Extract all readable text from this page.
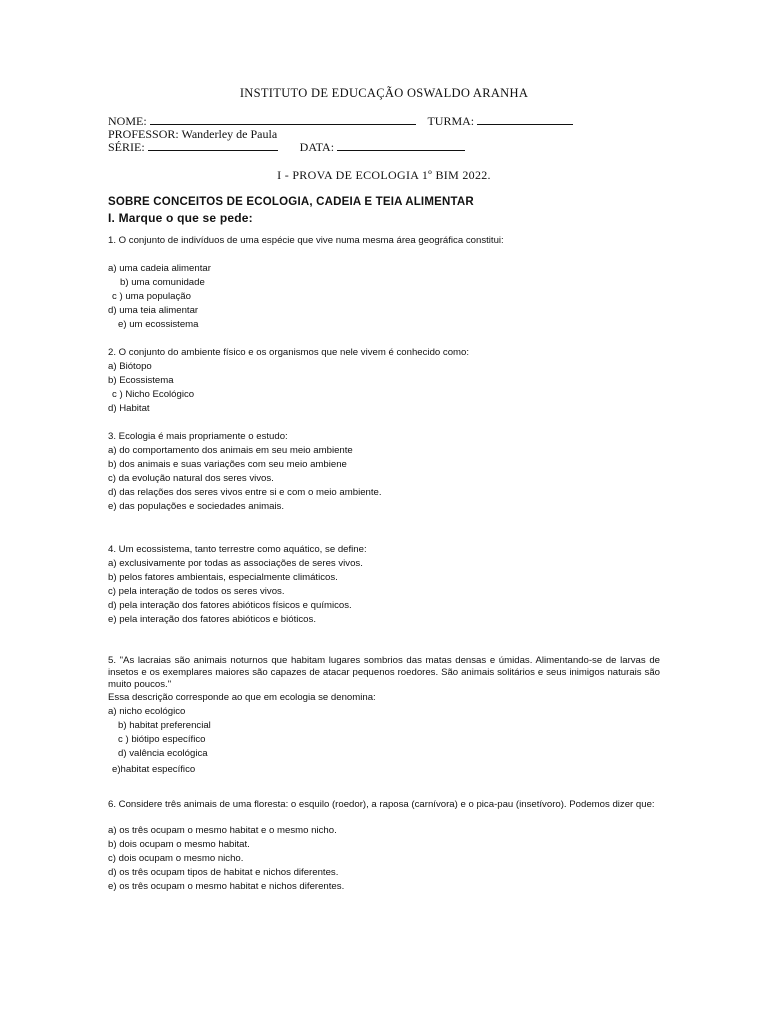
INSTITUTO DE EDUCAÇÃO OSWALDO ARANHA
NOME:	TURMA:
PROFESSOR: Wanderley de Paula
SÉRIE:	DATA:
I - PROVA DE ECOLOGIA 1º BIM 2022.
SOBRE CONCEITOS DE ECOLOGIA, CADEIA E TEIA ALIMENTAR
I. Marque o que se pede:
1. O conjunto de indivíduos de uma espécie que vive numa mesma área geográfica constitui:
a) uma cadeia alimentar
b) uma comunidade
c ) uma população
d) uma teia alimentar
e) um ecossistema
2. O conjunto do ambiente físico e os organismos que nele vivem é conhecido como:
a) Biótopo
b) Ecossistema
c ) Nicho Ecológico
d) Habitat
3. Ecologia é mais propriamente o estudo:
a) do comportamento dos animais em seu meio ambiente
b) dos animais e suas variações com seu meio ambiene
c) da evolução natural dos seres vivos.
d) das relações dos seres vivos entre si e com o meio ambiente.
e) das populações e sociedades animais.
4. Um ecossistema, tanto terrestre como aquático, se define:
a) exclusivamente por todas as associações de seres vivos.
b) pelos fatores ambientais, especialmente climáticos.
c) pela interação de todos os seres vivos.
d) pela interação dos fatores abióticos físicos e químicos.
e) pela interação dos fatores abióticos e bióticos.
5. "As lacraias são animais noturnos que habitam lugares sombrios das matas densas e úmidas. Alimentando-se de larvas de insetos e os exemplares maiores são capazes de atacar pequenos roedores. São animais solitários e seus inimigos naturais são muito poucos."
Essa descrição corresponde ao que em ecologia se denomina:
a) nicho ecológico
b) habitat preferencial
c ) biótipo específico
d) valência ecológica
e)habitat específico
6. Considere três animais de uma floresta: o esquilo (roedor), a raposa (carnívora) e o pica-pau (insetívoro). Podemos dizer que:
a) os três ocupam o mesmo habitat e o mesmo nicho.
b) dois ocupam o mesmo habitat.
c) dois ocupam o mesmo nicho.
d) os três ocupam tipos de habitat e nichos diferentes.
e) os três ocupam o mesmo habitat e nichos diferentes.
